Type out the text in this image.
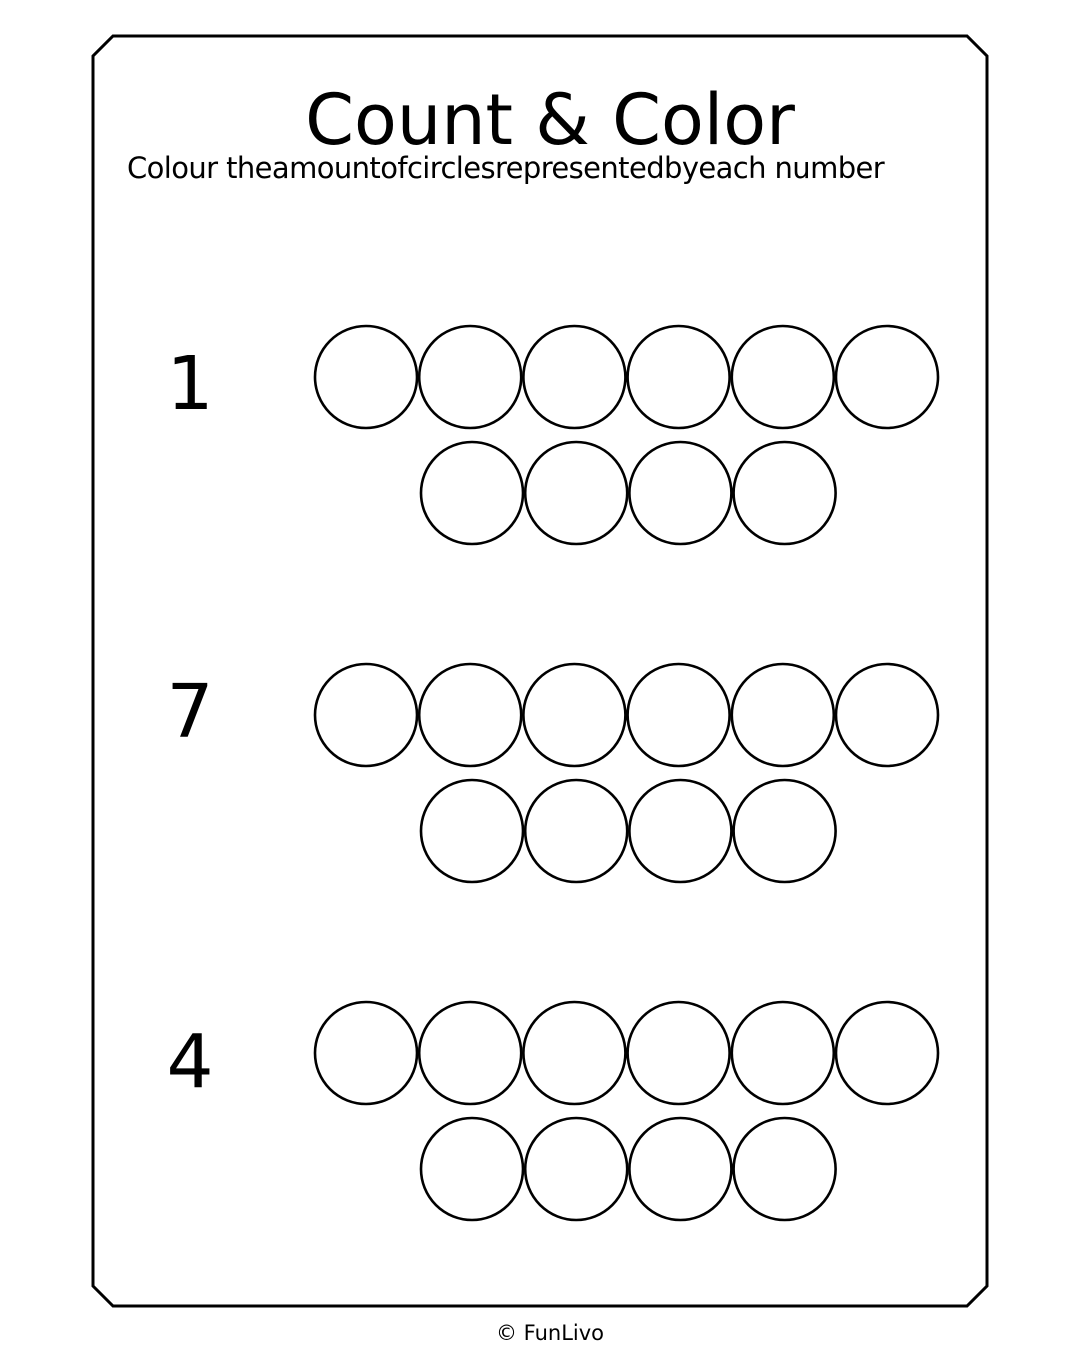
Count & Color
Colour theamountofcirclesrepresentedbyeach number
1
7
4
© FunLivo
